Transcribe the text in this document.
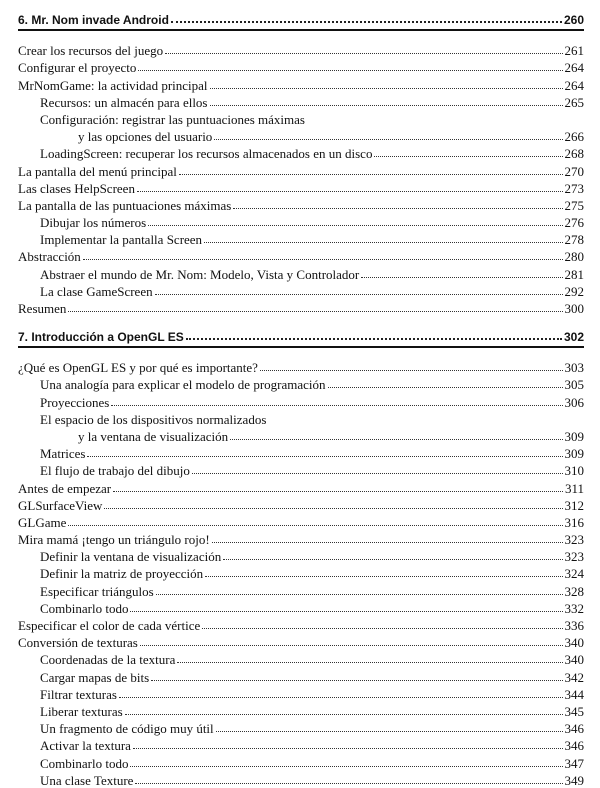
6. Mr. Nom invade Android	260
Crear los recursos del juego	261
Configurar el proyecto	264
MrNomGame: la actividad principal	264
Recursos: un almacén para ellos	265
Configuración: registrar las puntuaciones máximas
y las opciones del usuario	266
LoadingScreen: recuperar los recursos almacenados en un disco	268
La pantalla del menú principal	270
Las clases HelpScreen	273
La pantalla de las puntuaciones máximas	275
Dibujar los números	276
Implementar la pantalla Screen	278
Abstracción	280
Abstraer el mundo de Mr. Nom: Modelo, Vista y Controlador	281
La clase GameScreen	292
Resumen	300
7. Introducción a OpenGL ES	302
¿Qué es OpenGL ES y por qué es importante?	303
Una analogía para explicar el modelo de programación	305
Proyecciones	306
El espacio de los dispositivos normalizados
y la ventana de visualización	309
Matrices	309
El flujo de trabajo del dibujo	310
Antes de empezar	311
GLSurfaceView	312
GLGame	316
Mira mamá ¡tengo un triángulo rojo!	323
Definir la ventana de visualización	323
Definir la matriz de proyección	324
Especificar triángulos	328
Combinarlo todo	332
Especificar el color de cada vértice	336
Conversión de texturas	340
Coordenadas de la textura	340
Cargar mapas de bits	342
Filtrar texturas	344
Liberar texturas	345
Un fragmento de código muy útil	346
Activar la textura	346
Combinarlo todo	347
Una clase Texture	349
